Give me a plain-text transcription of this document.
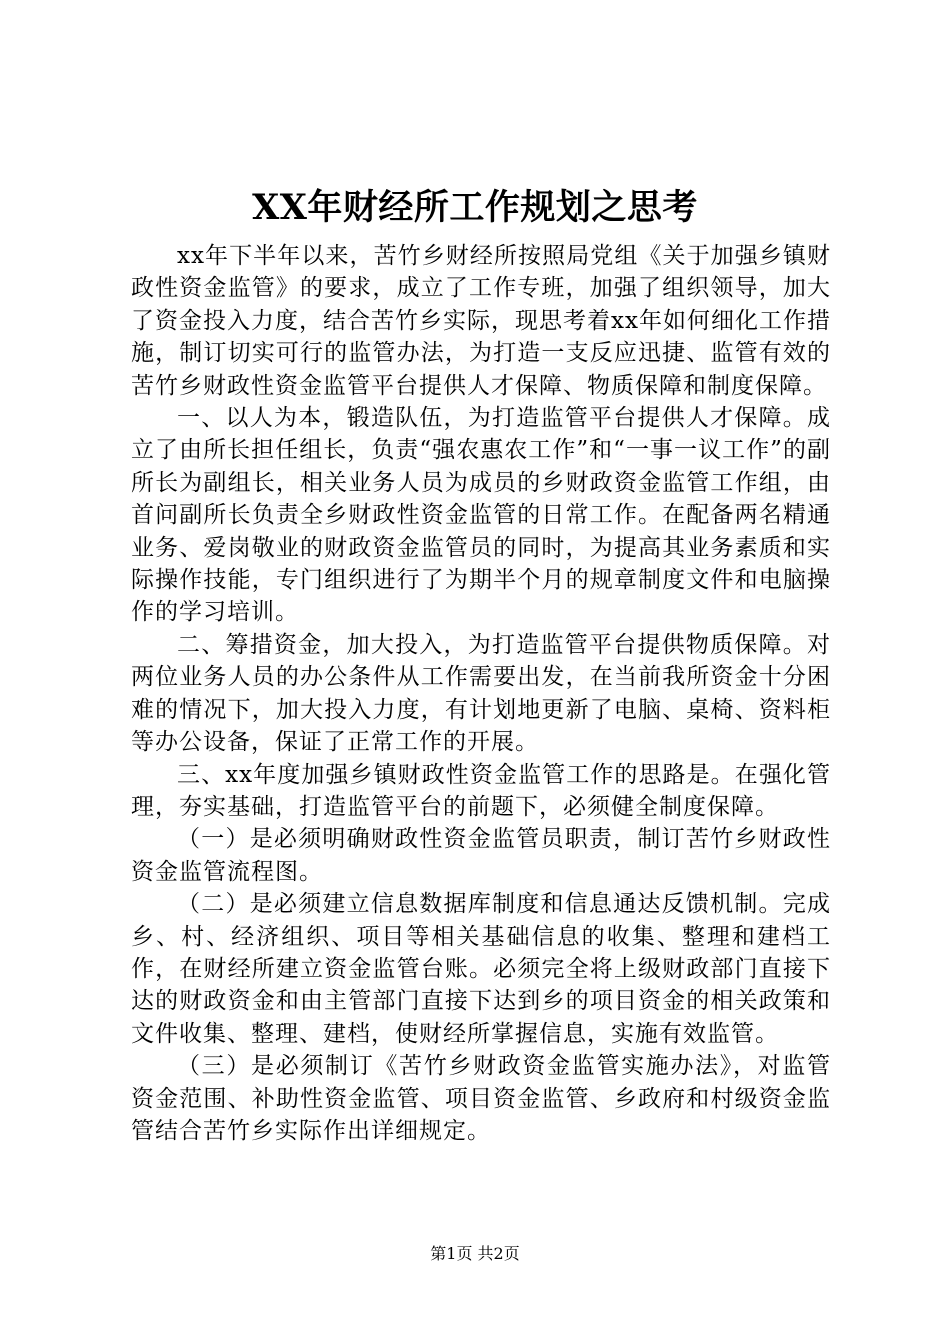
XX年财经所工作规划之思考

xx年下半年以来，苦竹乡财经所按照局党组《关于加强乡镇财政性资金监管》的要求，成立了工作专班，加强了组织领导，加大了资金投入力度，结合苦竹乡实际，现思考着xx年如何细化工作措施，制订切实可行的监管办法，为打造一支反应迅捷、监管有效的苦竹乡财政性资金监管平台提供人才保障、物质保障和制度保障。

一、以人为本，锻造队伍，为打造监管平台提供人才保障。成立了由所长担任组长，负责“强农惠农工作”和“一事一议工作”的副所长为副组长，相关业务人员为成员的乡财政资金监管工作组，由首问副所长负责全乡财政性资金监管的日常工作。在配备两名精通业务、爱岗敬业的财政资金监管员的同时，为提高其业务素质和实际操作技能，专门组织进行了为期半个月的规章制度文件和电脑操作的学习培训。

二、筹措资金，加大投入，为打造监管平台提供物质保障。对两位业务人员的办公条件从工作需要出发，在当前我所资金十分困难的情况下，加大投入力度，有计划地更新了电脑、桌椅、资料柜等办公设备，保证了正常工作的开展。

三、xx年度加强乡镇财政性资金监管工作的思路是。在强化管理，夯实基础，打造监管平台的前题下，必须健全制度保障。

（一）是必须明确财政性资金监管员职责，制订苦竹乡财政性资金监管流程图。

（二）是必须建立信息数据库制度和信息通达反馈机制。完成乡、村、经济组织、项目等相关基础信息的收集、整理和建档工作，在财经所建立资金监管台账。必须完全将上级财政部门直接下达的财政资金和由主管部门直接下达到乡的项目资金的相关政策和文件收集、整理、建档，使财经所掌握信息，实施有效监管。

（三）是必须制订《苦竹乡财政资金监管实施办法》，对监管资金范围、补助性资金监管、项目资金监管、乡政府和村级资金监管结合苦竹乡实际作出详细规定。

第1页 共2页
